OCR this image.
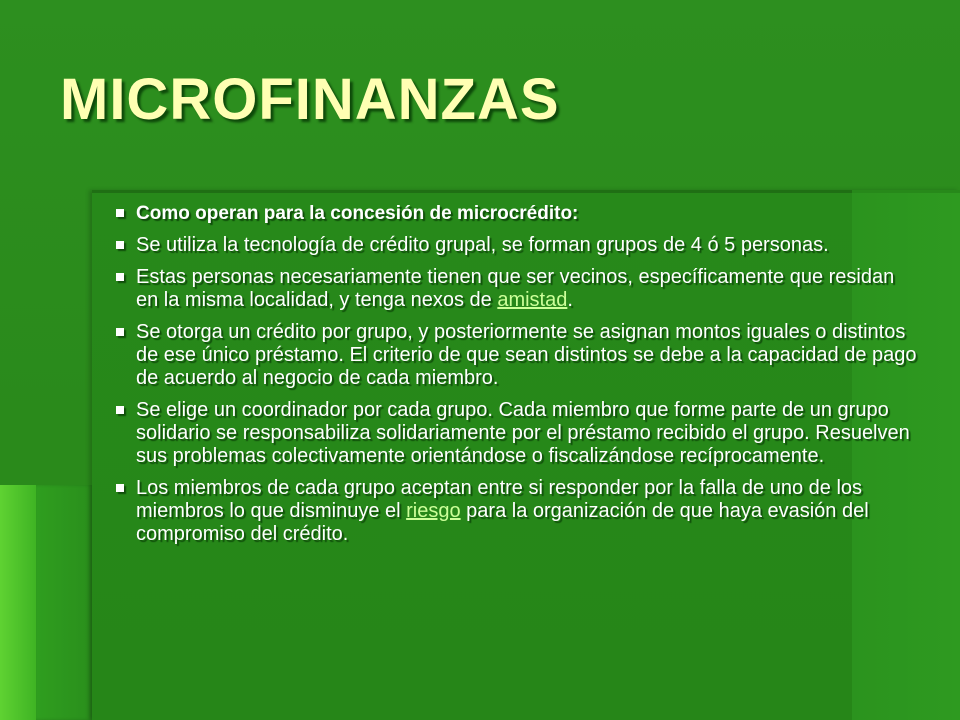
MICROFINANZAS
Como operan para la concesión de microcrédito:
Se utiliza la tecnología de crédito grupal, se forman grupos de 4 ó 5 personas.
Estas personas necesariamente tienen que ser vecinos, específicamente que residan en la misma localidad, y tenga nexos de amistad.
Se otorga un crédito por grupo, y posteriormente se asignan montos iguales o distintos de ese único préstamo. El criterio de que sean distintos se debe a la capacidad de pago de acuerdo al negocio de cada miembro.
Se elige un coordinador por cada grupo. Cada miembro que forme parte de un grupo solidario se responsabiliza solidariamente por el préstamo recibido el grupo. Resuelven sus problemas colectivamente orientándose o fiscalizándose recíprocamente.
Los miembros de cada grupo aceptan entre si responder por la falla de uno de los miembros lo que disminuye el riesgo para la organización de que haya evasión del compromiso del crédito.
